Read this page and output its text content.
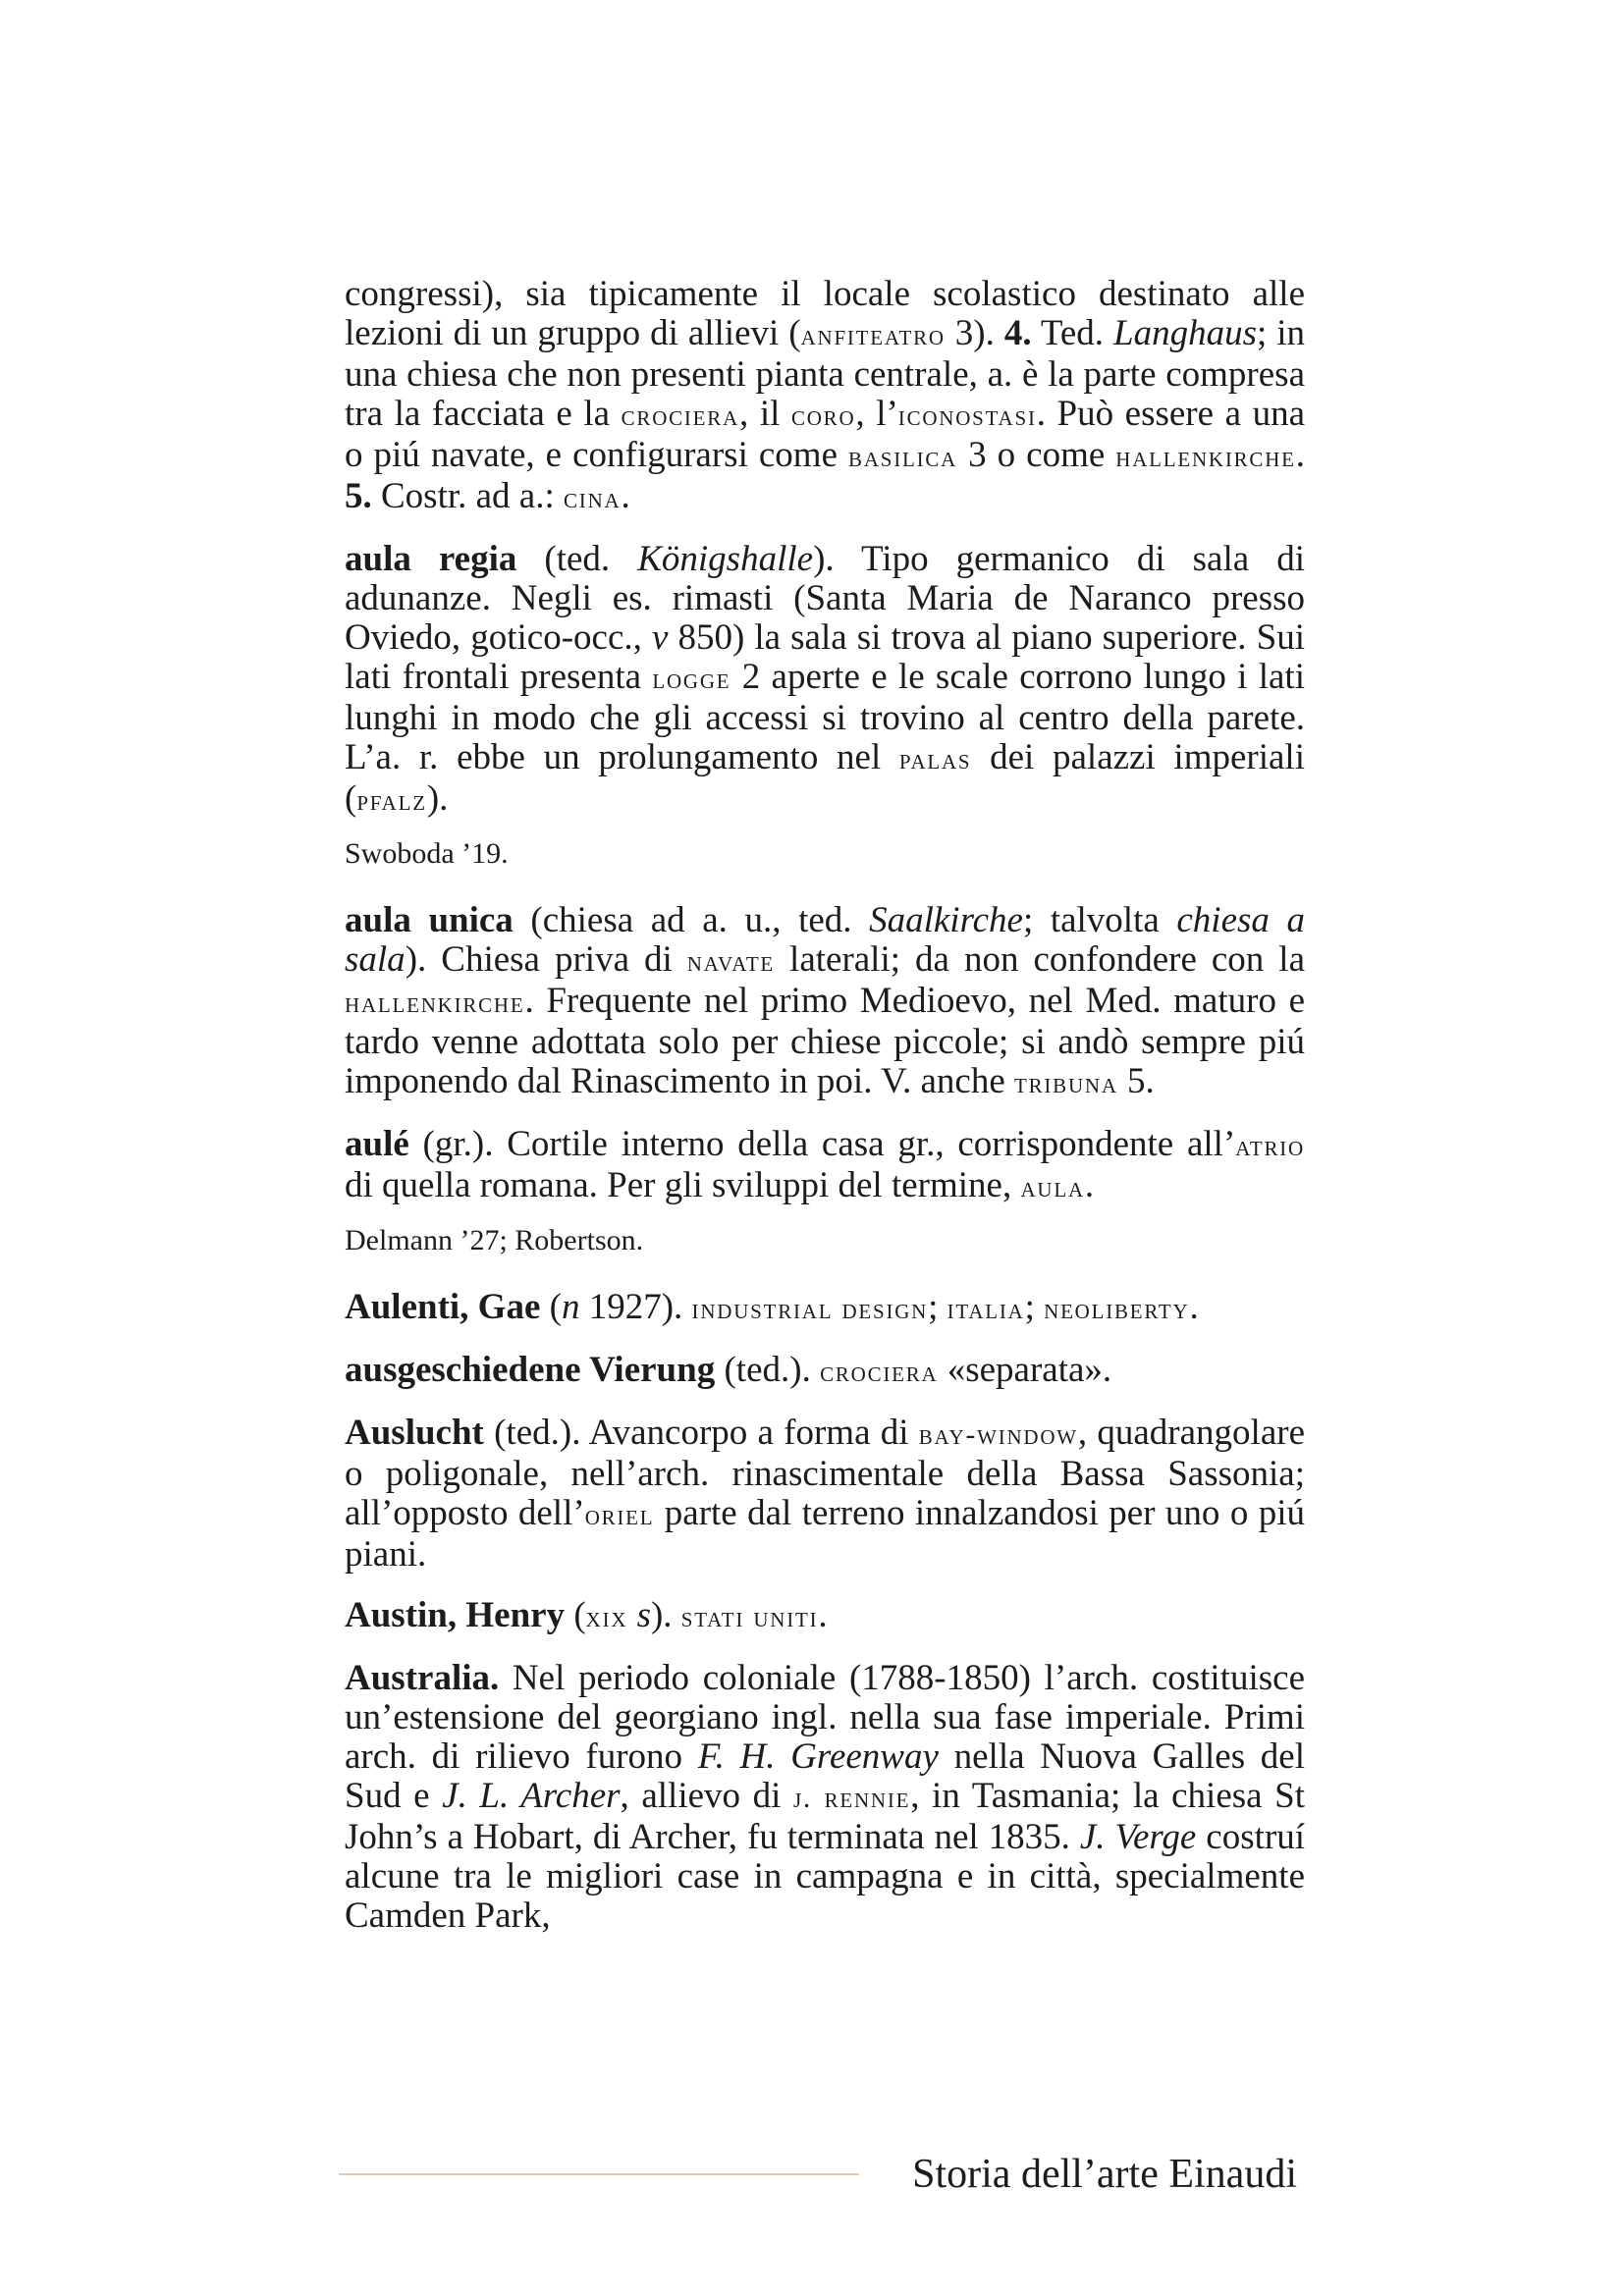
congressi), sia tipicamente il locale scolastico destinato alle lezioni di un gruppo di allievi (anfiteatro 3). 4. Ted. Langhaus; in una chiesa che non presenti pianta centrale, a. è la parte compresa tra la facciata e la crociera, il coro, l’iconostasi. Può essere a una o piú navate, e configurarsi come basilica 3 o come hallenkirche. 5. Costr. ad a.: cina.

aula regia (ted. Königshalle). Tipo germanico di sala di adunanze. Negli es. rimasti (Santa Maria de Naranco presso Oviedo, gotico-occ., v 850) la sala si trova al piano superiore. Sui lati frontali presenta logge 2 aperte e le scale corrono lungo i lati lunghi in modo che gli accessi si trovino al centro della parete. L’a. r. ebbe un prolungamento nel palas dei palazzi imperiali (pfalz).

Swoboda ’19.

aula unica (chiesa ad a. u., ted. Saalkirche; talvolta chiesa a sala). Chiesa priva di navate laterali; da non confondere con la hallenkirche. Frequente nel primo Medioevo, nel Med. maturo e tardo venne adottata solo per chiese piccole; si andò sempre piú imponendo dal Rinascimento in poi. V. anche tribuna 5.

aulé (gr.). Cortile interno della casa gr., corrispondente all’atrio di quella romana. Per gli sviluppi del termine, aula.

Delmann ’27; Robertson.

Aulenti, Gae (n 1927). industrial design; italia; neoliberty.

ausgeschiedene Vierung (ted.). crociera «separata».

Auslucht (ted.). Avancorpo a forma di bay-window, quadrangolare o poligonale, nell’arch. rinascimentale della Bassa Sassonia; all’opposto dell’oriel parte dal terreno innalzandosi per uno o piú piani.

Austin, Henry (xix s). stati uniti.

Australia. Nel periodo coloniale (1788-1850) l’arch. costituisce un’estensione del georgiano ingl. nella sua fase imperiale. Primi arch. di rilievo furono F. H. Greenway nella Nuova Galles del Sud e J. L. Archer, allievo di j. rennie, in Tasmania; la chiesa St John’s a Hobart, di Archer, fu terminata nel 1835. J. Verge costruí alcune tra le migliori case in campagna e in città, specialmente Camden Park,

Storia dell’arte Einaudi
